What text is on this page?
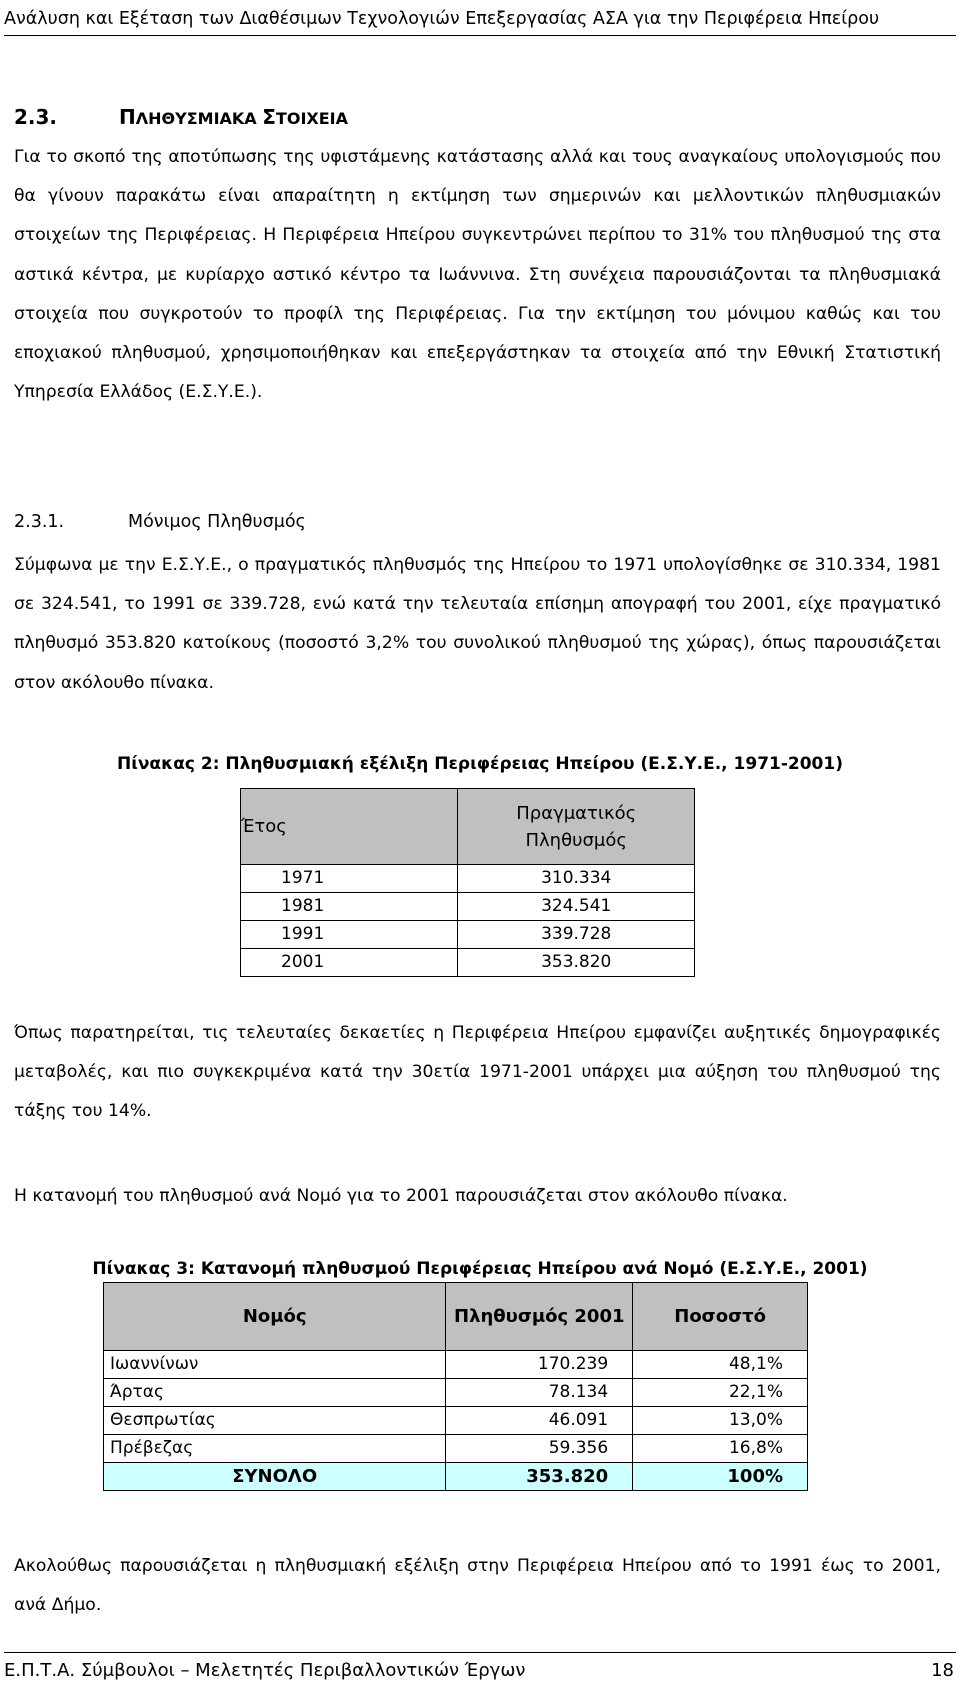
Ανάλυση και Εξέταση των Διαθέσιμων Τεχνολογιών Επεξεργασίας ΑΣΑ για την Περιφέρεια Ηπείρου
2.3.	ΠΛΗΘΥΣΜΙΑΚΑ ΣΤΟΙΧΕΙΑ
Για το σκοπό της αποτύπωσης της υφιστάμενης κατάστασης αλλά και τους αναγκαίους υπολογισμούς που θα γίνουν παρακάτω είναι απαραίτητη η εκτίμηση των σημερινών και μελλοντικών πληθυσμιακών στοιχείων της Περιφέρειας. Η Περιφέρεια Ηπείρου συγκεντρώνει περίπου το 31% του πληθυσμού της στα αστικά κέντρα, με κυρίαρχο αστικό κέντρο τα Ιωάννινα. Στη συνέχεια παρουσιάζονται τα πληθυσμιακά στοιχεία που συγκροτούν το προφίλ της Περιφέρειας. Για την εκτίμηση του μόνιμου καθώς και του εποχιακού πληθυσμού, χρησιμοποιήθηκαν και επεξεργάστηκαν τα στοιχεία από την Εθνική Στατιστική Υπηρεσία Ελλάδος (Ε.Σ.Υ.Ε.).
2.3.1.	Μόνιμος Πληθυσμός
Σύμφωνα με την Ε.Σ.Υ.Ε., ο πραγματικός πληθυσμός της Ηπείρου το 1971 υπολογίσθηκε σε 310.334, 1981 σε 324.541, το 1991 σε 339.728, ενώ κατά την τελευταία επίσημη απογραφή του 2001, είχε πραγματικό πληθυσμό 353.820 κατοίκους (ποσοστό 3,2% του συνολικού πληθυσμού της χώρας), όπως παρουσιάζεται στον ακόλουθο πίνακα.
Πίνακας 2: Πληθυσμιακή εξέλιξη Περιφέρειας Ηπείρου (Ε.Σ.Υ.Ε., 1971-2001)
Όπως παρατηρείται, τις τελευταίες δεκαετίες η Περιφέρεια Ηπείρου εμφανίζει αυξητικές δημογραφικές μεταβολές, και πιο συγκεκριμένα κατά την 30ετία 1971-2001 υπάρχει μια αύξηση του πληθυσμού της τάξης του 14%.
Η κατανομή του πληθυσμού ανά Νομό για το 2001 παρουσιάζεται στον ακόλουθο πίνακα.
Πίνακας 3: Κατανομή πληθυσμού Περιφέρειας Ηπείρου ανά Νομό (Ε.Σ.Υ.Ε., 2001)
Ακολούθως παρουσιάζεται η πληθυσμιακή εξέλιξη στην Περιφέρεια Ηπείρου από το 1991 έως το 2001, ανά Δήμο.
Έτος	Πραγματικός Πληθυσμός
1971	310.334
1981	324.541
1991	339.728
2001	353.820
Νομός	Πληθυσμός 2001	Ποσοστό
Ιωαννίνων	170.239	48,1%
Άρτας	78.134	22,1%
Θεσπρωτίας	46.091	13,0%
Πρέβεζας	59.356	16,8%
ΣΥΝΟΛΟ	353.820	100%
Ε.Π.Τ.Α. Σύμβουλοι – Μελετητές Περιβαλλοντικών Έργων	18
